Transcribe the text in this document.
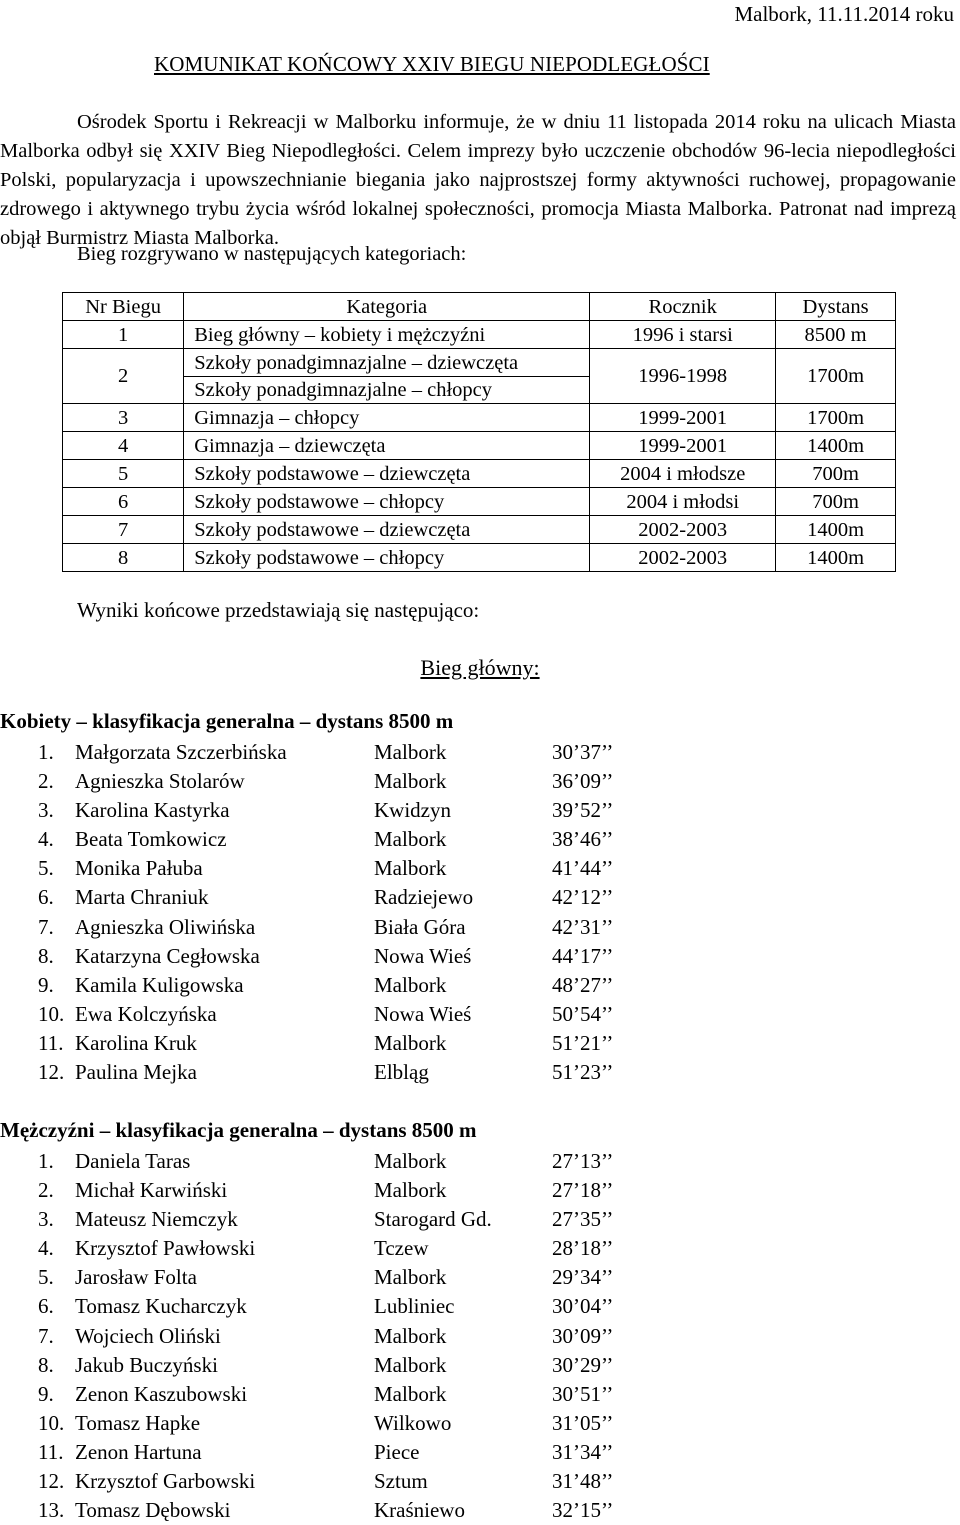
Malbork, 11.11.2014 roku
KOMUNIKAT KOŃCOWY XXIV BIEGU NIEPODLEGŁOŚCI

Ośrodek Sportu i Rekreacji w Malborku informuje, że w dniu 11 listopada 2014 roku na ulicach Miasta Malborka odbył się XXIV Bieg Niepodległości. Celem imprezy było uczczenie obchodów 96-lecia niepodległości Polski, popularyzacja i upowszechnianie biegania jako najprostszej formy aktywności ruchowej, propagowanie zdrowego i aktywnego trybu życia wśród lokalnej społeczności, promocja Miasta Malborka. Patronat nad imprezą objął Burmistrz Miasta Malborka.

Bieg rozgrywano w następujących kategoriach:
Nr Biegu	Kategoria	Rocznik	Dystans
1	Bieg główny ‒ kobiety i mężczyźni	1996 i starsi	8500 m
2	Szkoły ponadgimnazjalne ‒ dziewczęta
Szkoły ponadgimnazjalne ‒ chłopcy	1996-1998	1700m
3	Gimnazja ‒ chłopcy	1999-2001	1700m
4	Gimnazja ‒ dziewczęta	1999-2001	1400m
5	Szkoły podstawowe ‒ dziewczęta	2004 i młodsze	700m
6	Szkoły podstawowe ‒ chłopcy	2004 i młodsi	700m
7	Szkoły podstawowe ‒ dziewczęta	2002-2003	1400m
8	Szkoły podstawowe ‒ chłopcy	2002-2003	1400m
Wyniki końcowe przedstawiają się następująco:
Bieg główny:
Kobiety ‒ klasyfikacja generalna ‒ dystans 8500 m
1. Małgorzata Szczerbińska	Malbork	30’37’’
2. Agnieszka Stolarów	Malbork	36’09’’
3. Karolina Kastyrka	Kwidzyn	39’52’’
4. Beata Tomkowicz	Malbork	38’46’’
5. Monika Pałuba	Malbork	41’44’’
6. Marta Chraniuk	Radziejewo	42’12’’
7. Agnieszka Oliwińska	Biała Góra	42’31’’
8. Katarzyna Cegłowska	Nowa Wieś	44’17’’
9. Kamila Kuligowska	Malbork	48’27’’
10. Ewa Kolczyńska	Nowa Wieś	50’54’’
11. Karolina Kruk	Malbork	51’21’’
12. Paulina Mejka	Elbląg	51’23’’
Mężczyźni ‒ klasyfikacja generalna ‒ dystans 8500 m
1. Daniela Taras	Malbork	27’13’’
2. Michał Karwiński	Malbork	27’18’’
3. Mateusz Niemczyk	Starogard Gd.	27’35’’
4. Krzysztof Pawłowski	Tczew	28’18’’
5. Jarosław Folta	Malbork	29’34’’
6. Tomasz Kucharczyk	Lubliniec	30’04’’
7. Wojciech Oliński	Malbork	30’09’’
8. Jakub Buczyński	Malbork	30’29’’
9. Zenon Kaszubowski	Malbork	30’51’’
10. Tomasz Hapke	Wilkowo	31’05’’
11. Zenon Hartuna	Piece	31’34’’
12. Krzysztof Garbowski	Sztum	31’48’’
13. Tomasz Dębowski	Kraśniewo	32’15’’
